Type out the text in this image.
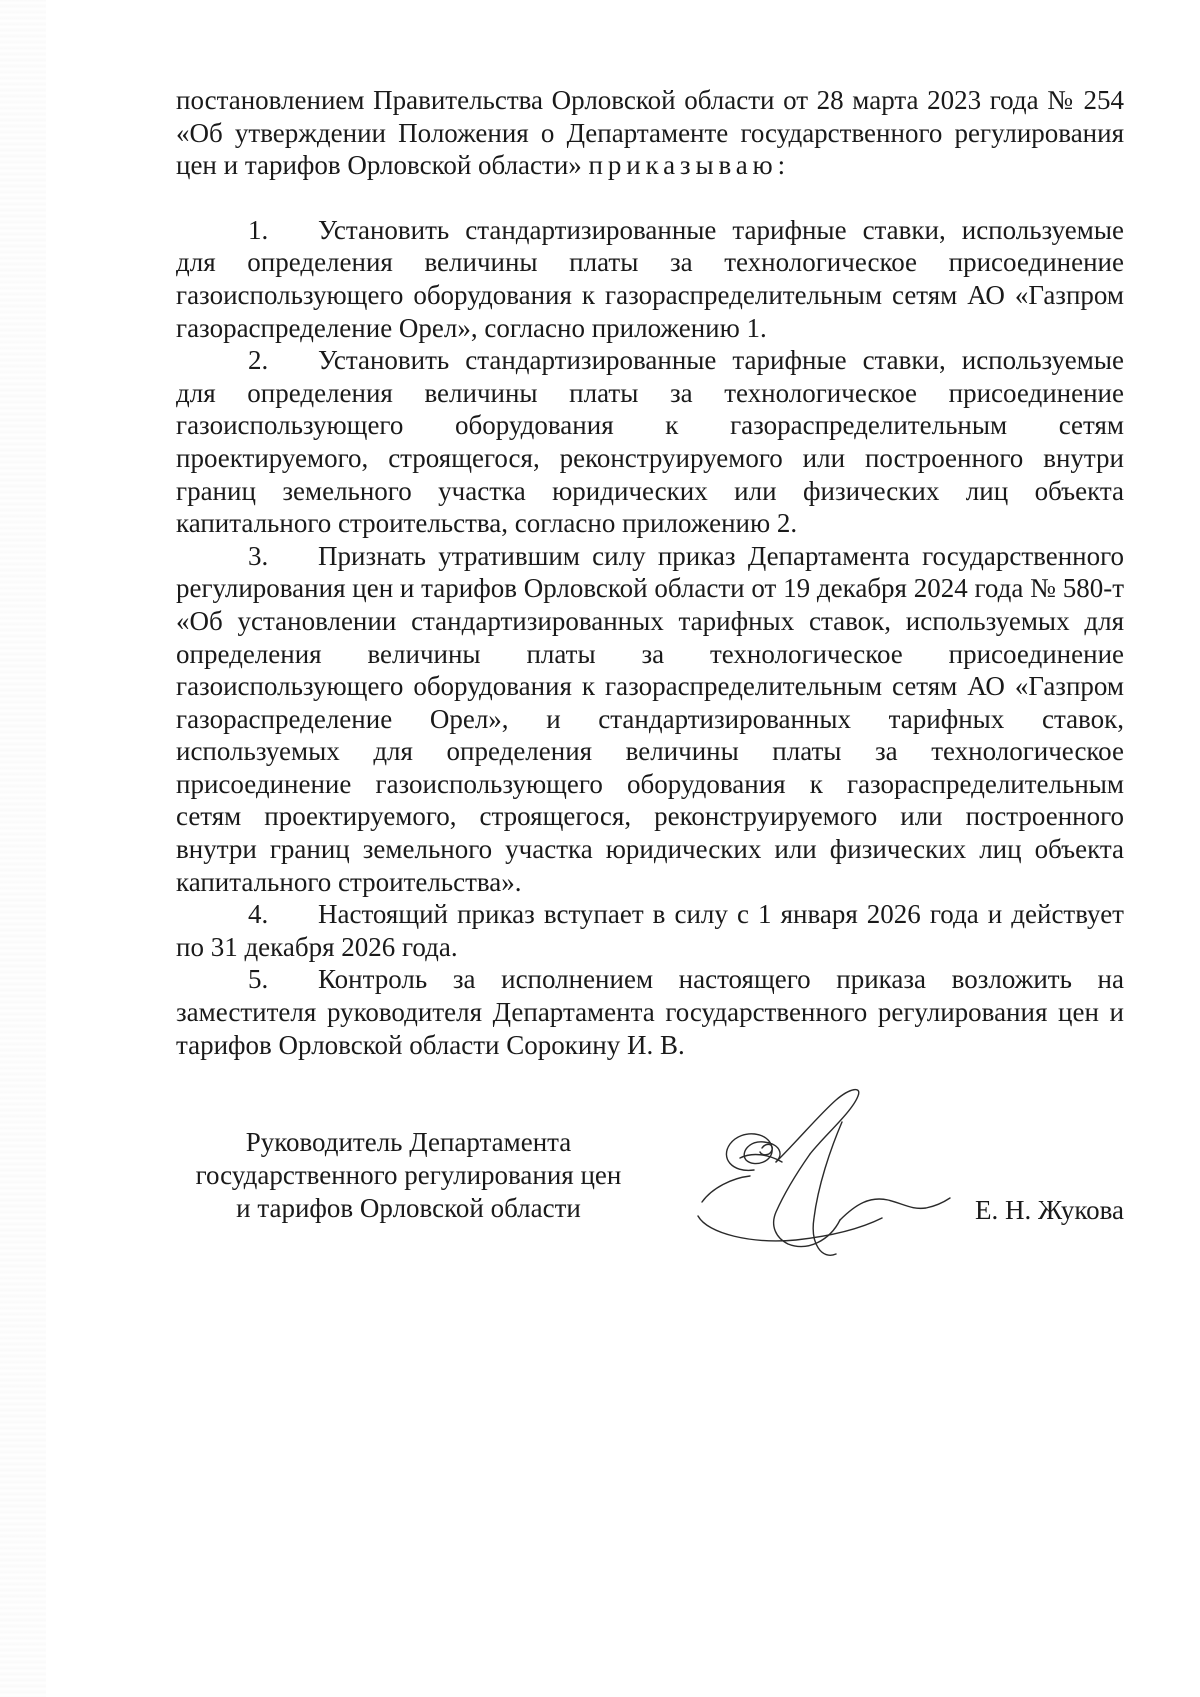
постановлением Правительства Орловской области от 28 марта 2023 года № 254 «Об утверждении Положения о Департаменте государственного регулирования цен и тарифов Орловской области» приказываю:

1. Установить стандартизированные тарифные ставки, используемые для определения величины платы за технологическое присоединение газоиспользующего оборудования к газораспределительным сетям АО «Газпром газораспределение Орел», согласно приложению 1.

2. Установить стандартизированные тарифные ставки, используемые для определения величины платы за технологическое присоединение газоиспользующего оборудования к газораспределительным сетям проектируемого, строящегося, реконструируемого или построенного внутри границ земельного участка юридических или физических лиц объекта капитального строительства, согласно приложению 2.

3. Признать утратившим силу приказ Департамента государственного регулирования цен и тарифов Орловской области от 19 декабря 2024 года № 580-т «Об установлении стандартизированных тарифных ставок, используемых для определения величины платы за технологическое присоединение газоиспользующего оборудования к газораспределительным сетям АО «Газпром газораспределение Орел», и стандартизированных тарифных ставок, используемых для определения величины платы за технологическое присоединение газоиспользующего оборудования к газораспределительным сетям проектируемого, строящегося, реконструируемого или построенного внутри границ земельного участка юридических или физических лиц объекта капитального строительства».

4. Настоящий приказ вступает в силу с 1 января 2026 года и действует по 31 декабря 2026 года.

5. Контроль за исполнением настоящего приказа возложить на заместителя руководителя Департамента государственного регулирования цен и тарифов Орловской области Сорокину И. В.

Руководитель Департамента
государственного регулирования цен
и тарифов Орловской области	Е. Н. Жукова
